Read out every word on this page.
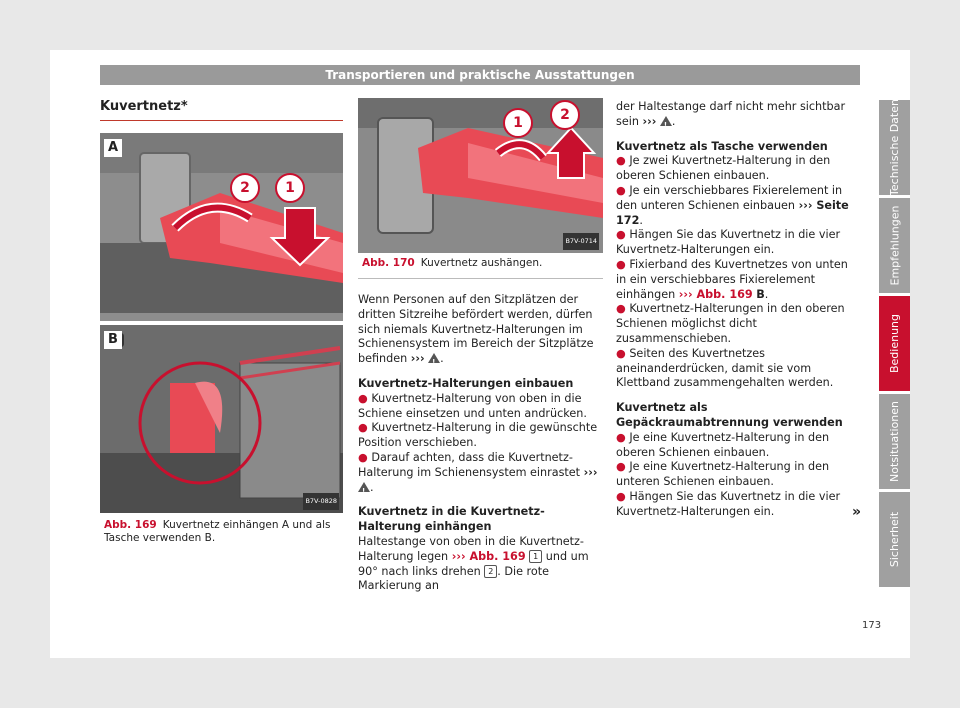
Transportieren und praktische Ausstattungen
Kuvertnetz*
A
B
2	1
B7V-0828
Abb. 169 Kuvertnetz einhängen A und als Tasche verwenden B.
1	2
B7V-0714
Abb. 170 Kuvertnetz aushängen.

Wenn Personen auf den Sitzplätzen der dritten Sitzreihe befördert werden, dürfen sich niemals Kuvertnetz-Halterungen im Schienensystem im Bereich der Sitzplätze befinden ››› ! .

Kuvertnetz-Halterungen einbauen

● Kuvertnetz-Halterung von oben in die Schiene einsetzen und unten andrücken.

● Kuvertnetz-Halterung in die gewünschte Position verschieben.

● Darauf achten, dass die Kuvertnetz-Halterung im Schienensystem einrastet ››› !.

Kuvertnetz in die Kuvertnetz-Halterung einhängen

Haltestange von oben in die Kuvertnetz-Halterung legen ››› Abb. 169 1 und um 90° nach links drehen 2 . Die rote Markierung an

der Haltestange darf nicht mehr sichtbar sein ››› ! .

Kuvertnetz als Tasche verwenden

● Je zwei Kuvertnetz-Halterung in den oberen Schienen einbauen.

● Je ein verschiebbares Fixierelement in den unteren Schienen einbauen ››› Seite 172.

● Hängen Sie das Kuvertnetz in die vier Kuvertnetz-Halterungen ein.

● Fixierband des Kuvertnetzes von unten in ein verschiebbares Fixierelement einhängen ››› Abb. 169 B.

● Kuvertnetz-Halterungen in den oberen Schienen möglichst dicht zusammenschieben.

● Seiten des Kuvertnetzes aneinanderdrücken, damit sie vom Klettband zusammengehalten werden.

Kuvertnetz als Gepäckraumabtrennung verwenden

● Je eine Kuvertnetz-Halterung in den oberen Schienen einbauen.

● Je eine Kuvertnetz-Halterung in den unteren Schienen einbauen.

● Hängen Sie das Kuvertnetz in die vier Kuvertnetz-Halterungen ein.	»

Technische Daten
Empfehlungen
Bedienung
Notsituationen
Sicherheit
173
